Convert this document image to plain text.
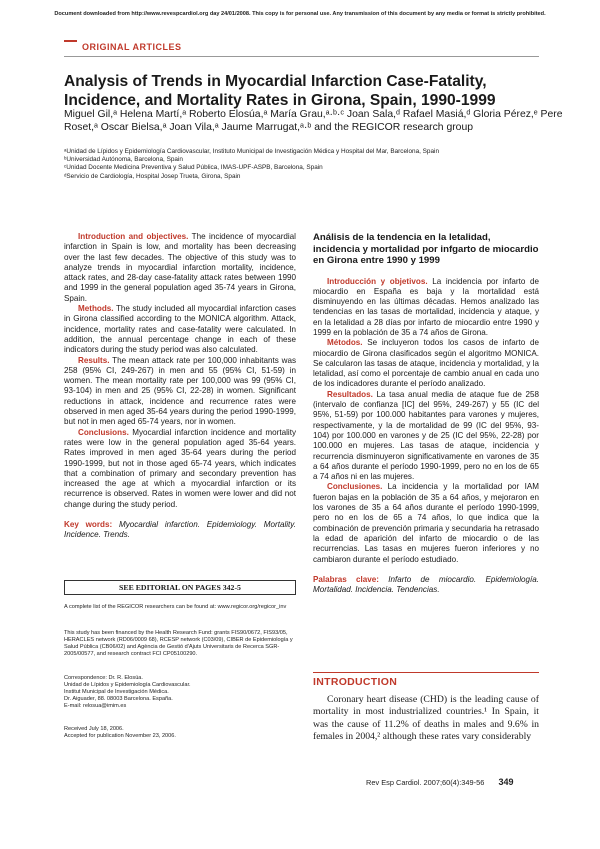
Document downloaded from http://www.revespcardiol.org day 24/01/2008. This copy is for personal use. Any transmission of this document by any media or format is strictly prohibited.
ORIGINAL ARTICLES
Analysis of Trends in Myocardial Infarction Case-Fatality, Incidence, and Mortality Rates in Girona, Spain, 1990-1999
Miguel Gil,ᵃ Helena Martí,ᵃ Roberto Elosúa,ᵃ María Grau,ᵃ·ᵇ·ᶜ Joan Sala,ᵈ Rafael Masiá,ᵈ Gloria Pérez,ᵉ Pere Roset,ᵃ Oscar Bielsa,ᵃ Joan Vila,ᵃ Jaume Marrugat,ᵃ·ᵇ and the REGICOR research group
ᵃUnidad de Lípidos y Epidemiología Cardiovascular, Instituto Municipal de Investigación Médica y Hospital del Mar, Barcelona, Spain
ᵇUniversidad Autónoma, Barcelona, Spain
ᶜUnidad Docente Medicina Preventiva y Salud Pública, IMAS-UPF-ASPB, Barcelona, Spain
ᵈServicio de Cardiología, Hospital Josep Trueta, Girona, Spain

Introduction and objectives. The incidence of myocardial infarction in Spain is low, and mortality has been decreasing over the last few decades. The objective of this study was to analyze trends in myocardial infarction mortality, incidence, attack rates, and 28-day case-fatality attack rates between 1990 and 1999 in the general population aged 35-74 years in Girona, Spain.

Methods. The study included all myocardial infarction cases in Girona classified according to the MONICA algorithm. Attack, incidence, mortality rates and case-fatality were calculated. In addition, the annual percentage change in each of these indicators during the study period was also calculated.

Results. The mean attack rate per 100,000 inhabitants was 258 (95% CI, 249-267) in men and 55 (95% CI, 51-59) in women. The mean mortality rate per 100,000 was 99 (95% CI, 93-104) in men and 25 (95% CI, 22-28) in women. Significant reductions in attack, incidence and recurrence rates were observed in men aged 35-64 years during the period 1990-1999, but not in men aged 65-74 years, nor in women.

Conclusions. Myocardial infarction incidence and mortality rates were low in the general population aged 35-64 years. Rates improved in men aged 35-64 years during the period 1990-1999, but not in those aged 65-74 years, which indicates that a combination of primary and secondary prevention has increased the age at which a myocardial infarction or its recurrence is observed. Rates in women were lower and did not change during the study period.

Key words: Myocardial infarction. Epidemiology. Mortality. Incidence. Trends.

SEE EDITORIAL ON PAGES 342-5

A complete list of the REGICOR researchers can be found at: www.regicor.org/regicor_inv

This study has been financed by the Health Research Fund: grants FIS90/0672, FIS93/05, HERACLES network (RD06/0009 68), RCESP network (C03/09), CIBER de Epidemiología y Salud Pública (CB06/02) and Agència de Gestió d'Ajuts Universitaris de Recerca SGR-2005/00577, and research contract FCI CP05100290.

Correspondence: Dr. R. Elosúa.

Unidad de Lípidos y Epidemiología Cardiovascular.

Institut Municipal de Investigación Médica.

Dr. Aiguader, 88. 08003 Barcelona. España.

E-mail: relosua@imim.es

Received July 18, 2006.

Accepted for publication November 23, 2006.

Análisis de la tendencia en la letalidad, incidencia y mortalidad por infgarto de miocardio en Girona entre 1990 y 1999

Introducción y objetivos. La incidencia por infarto de miocardio en España es baja y la mortalidad está disminuyendo en las últimas décadas. Hemos analizado las tendencias en las tasas de mortalidad, incidencia y ataque, y en la letalidad a 28 días por infarto de miocardio entre 1990 y 1999 en la población de 35 a 74 años de Girona.

Métodos. Se incluyeron todos los casos de infarto de miocardio de Girona clasificados según el algoritmo MONICA. Se calcularon las tasas de ataque, incidencia y mortalidad, y la letalidad, así como el porcentaje de cambio anual en cada uno de los indicadores durante el período analizado.

Resultados. La tasa anual media de ataque fue de 258 (intervalo de confianza [IC] del 95%, 249-267) y 55 (IC del 95%, 51-59) por 100.000 habitantes para varones y mujeres, respectivamente, y la de mortalidad de 99 (IC del 95%, 93-104) por 100.000 en varones y de 25 (IC del 95%, 22-28) por 100.000 en mujeres. Las tasas de ataque, incidencia y recurrencia disminuyeron significativamente en varones de 35 a 64 años durante el período 1990-1999, pero no en los de 65 a 74 años ni en las mujeres.

Conclusiones. La incidencia y la mortalidad por IAM fueron bajas en la población de 35 a 64 años, y mejoraron en los varones de 35 a 64 años durante el período 1990-1999, pero no en los de 65 a 74 años, lo que indica que la combinación de prevención primaria y secundaria ha retrasado la edad de aparición del infarto de miocardio o de las recurrencias. Las tasas en mujeres fueron inferiores y no cambiaron durante el período estudiado.

Palabras clave: Infarto de miocardio. Epidemiología. Mortalidad. Incidencia. Tendencias.

INTRODUCTION
Coronary heart disease (CHD) is the leading cause of mortality in most industrialized countries.¹ In Spain, it was the cause of 11.2% of deaths in males and 9.6% in females in 2004,² although these rates vary considerably
Rev Esp Cardiol. 2007;60(4):349-56 349
